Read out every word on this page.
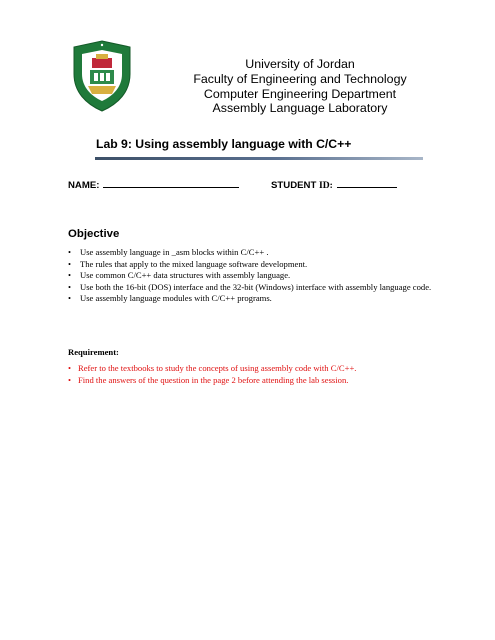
University of Jordan
Faculty of Engineering and Technology
Computer Engineering Department
Assembly Language Laboratory
Lab 9: Using assembly language with C/C++
NAME:	STUDENT ID:
Objective
• Use assembly language in _asm blocks within C/C++ .
• The rules that apply to the mixed language software development.
• Use common C/C++ data structures with assembly language.
• Use both the 16-bit (DOS) interface and the 32-bit (Windows) interface with assembly language code.
• Use assembly language modules with C/C++ programs.
Requirement:
• Refer to the textbooks to study the concepts of using assembly code with C/C++.
• Find the answers of the question in the page 2 before attending the lab session.
